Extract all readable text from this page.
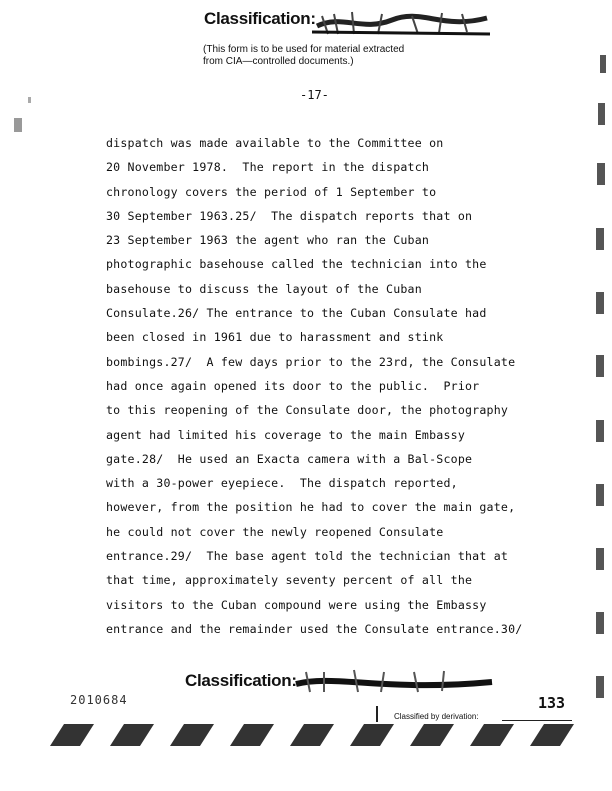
Classification:
(This form is to be used for material extracted
from CIA—controlled documents.)
-17-
dispatch was made available to the Committee on
20 November 1978.  The report in the dispatch
chronology covers the period of 1 September to
30 September 1963.25/  The dispatch reports that on
23 September 1963 the agent who ran the Cuban
photographic basehouse called the technician into the
basehouse to discuss the layout of the Cuban
Consulate.26/ The entrance to the Cuban Consulate had
been closed in 1961 due to harassment and stink
bombings.27/  A few days prior to the 23rd, the Consulate
had once again opened its door to the public.  Prior
to this reopening of the Consulate door, the photography
agent had limited his coverage to the main Embassy
gate.28/  He used an Exacta camera with a Bal-Scope
with a 30-power eyepiece.  The dispatch reported,
however, from the position he had to cover the main gate,
he could not cover the newly reopened Consulate
entrance.29/  The base agent told the technician that at
that time, approximately seventy percent of all the
visitors to the Cuban compound were using the Embassy
entrance and the remainder used the Consulate entrance.30/
Classification:
2010684
Classified by derivation:
133
